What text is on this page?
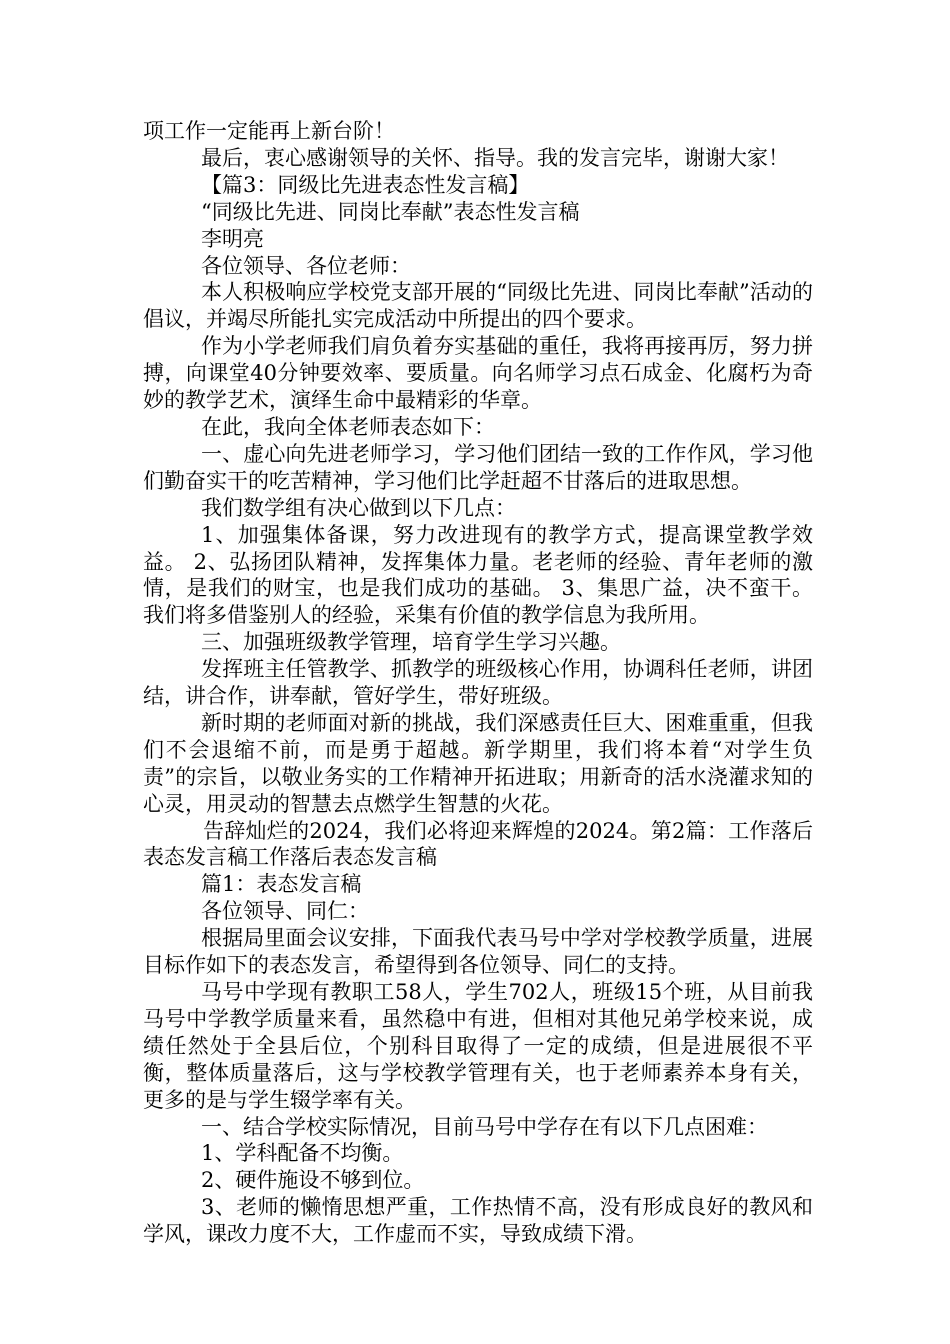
项工作一定能再上新台阶！

最后，衷心感谢领导的关怀、指导。我的发言完毕，谢谢大家！

【篇3：同级比先进表态性发言稿】

“同级比先进、同岗比奉献”表态性发言稿

李明亮

各位领导、各位老师：

本人积极响应学校党支部开展的“同级比先进、同岗比奉献”活动的倡议，并竭尽所能扎实完成活动中所提出的四个要求。

作为小学老师我们肩负着夯实基础的重任，我将再接再厉，努力拼搏，向课堂40分钟要效率、要质量。向名师学习点石成金、化腐朽为奇妙的教学艺术，演绎生命中最精彩的华章。

在此，我向全体老师表态如下：

一、虚心向先进老师学习，学习他们团结一致的工作作风，学习他们勤奋实干的吃苦精神，学习他们比学赶超不甘落后的进取思想。

我们数学组有决心做到以下几点：

1、加强集体备课，努力改进现有的教学方式，提高课堂教学效益。 2、弘扬团队精神，发挥集体力量。老老师的经验、青年老师的激情，是我们的财宝，也是我们成功的基础。 3、集思广益，决不蛮干。我们将多借鉴别人的经验，采集有价值的教学信息为我所用。

三、加强班级教学管理，培育学生学习兴趣。

发挥班主任管教学、抓教学的班级核心作用，协调科任老师，讲团结，讲合作，讲奉献，管好学生，带好班级。

新时期的老师面对新的挑战，我们深感责任巨大、困难重重，但我们不会退缩不前，而是勇于超越。新学期里，我们将本着“对学生负责”的宗旨，以敬业务实的工作精神开拓进取；用新奇的活水浇灌求知的心灵，用灵动的智慧去点燃学生智慧的火花。

告辞灿烂的2024，我们必将迎来辉煌的2024。第2篇：工作落后表态发言稿工作落后表态发言稿

篇1：表态发言稿

各位领导、同仁：

根据局里面会议安排，下面我代表马号中学对学校教学质量，进展目标作如下的表态发言，希望得到各位领导、同仁的支持。

马号中学现有教职工58人，学生702人，班级15个班，从目前我马号中学教学质量来看，虽然稳中有进，但相对其他兄弟学校来说，成绩任然处于全县后位，个别科目取得了一定的成绩，但是进展很不平衡，整体质量落后，这与学校教学管理有关，也于老师素养本身有关，更多的是与学生辍学率有关。

一、结合学校实际情况，目前马号中学存在有以下几点困难：

1、学科配备不均衡。

2、硬件施设不够到位。

3、老师的懒惰思想严重，工作热情不高，没有形成良好的教风和 学风，课改力度不大，工作虚而不实，导致成绩下滑。
